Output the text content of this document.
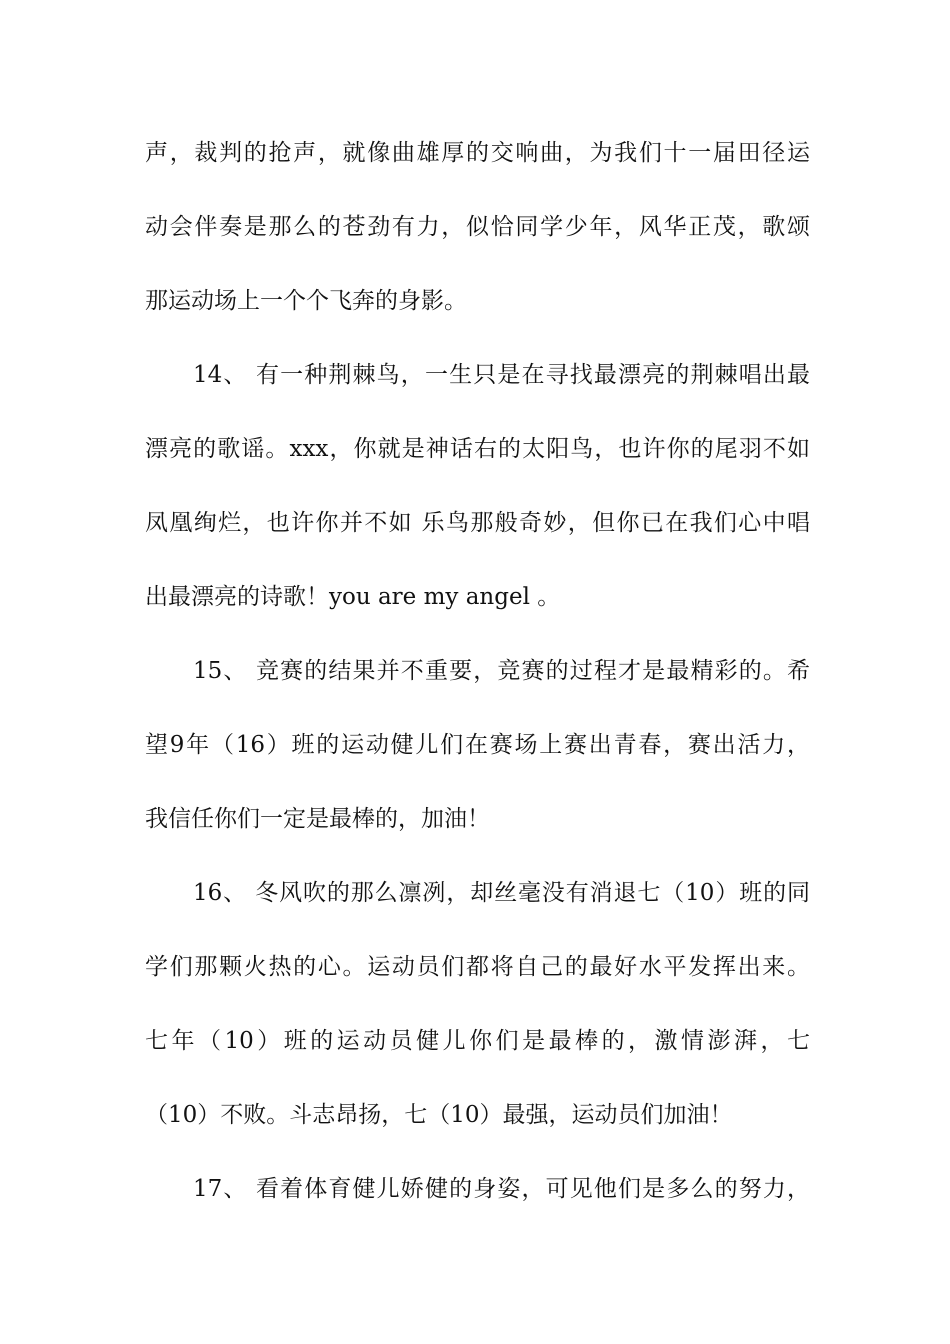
声，裁判的抢声，就像曲雄厚的交响曲，为我们十一届田径运
动会伴奏是那么的苍劲有力，似恰同学少年，风华正茂，歌颂
那运动场上一个个飞奔的身影。
14、 有一种荆棘鸟，一生只是在寻找最漂亮的荆棘唱出最
漂亮的歌谣。xxx，你就是神话右的太阳鸟，也许你的尾羽不如
凤凰绚烂，也许你并不如 乐鸟那般奇妙，但你已在我们心中唱
出最漂亮的诗歌！you are my angel 。
15、 竞赛的结果并不重要，竞赛的过程才是最精彩的。希
望9年（16）班的运动健儿们在赛场上赛出青春，赛出活力，
我信任你们一定是最棒的，加油！
16、 冬风吹的那么凛冽，却丝毫没有消退七（10）班的同
学们那颗火热的心。运动员们都将自己的最好水平发挥出来。
七年（10）班的运动员健儿你们是最棒的，激情澎湃，七
（10）不败。斗志昂扬，七（10）最强，运动员们加油！
17、 看着体育健儿娇健的身姿，可见他们是多么的努力，
